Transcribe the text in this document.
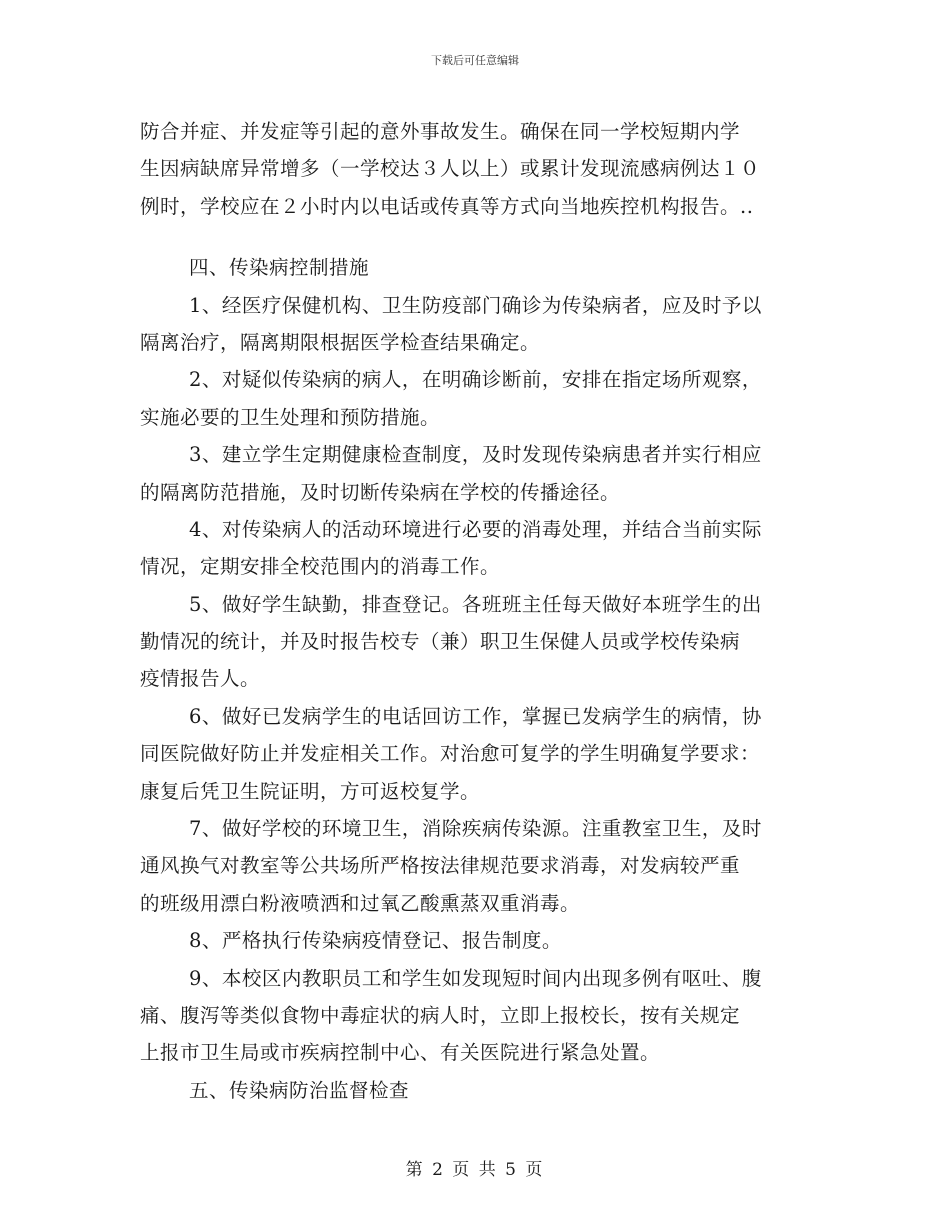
下载后可任意编辑
防合并症、并发症等引起的意外事故发生。确保在同一学校短期内学
生因病缺席异常增多（一学校达３人以上）或累计发现流感病例达１０
例时，学校应在２小时内以电话或传真等方式向当地疾控机构报告。..
四、传染病控制措施
1、经医疗保健机构、卫生防疫部门确诊为传染病者，应及时予以
隔离治疗，隔离期限根据医学检查结果确定。
2、对疑似传染病的病人，在明确诊断前，安排在指定场所观察，
实施必要的卫生处理和预防措施。
3、建立学生定期健康检查制度，及时发现传染病患者并实行相应
的隔离防范措施，及时切断传染病在学校的传播途径。
4、对传染病人的活动环境进行必要的消毒处理，并结合当前实际
情况，定期安排全校范围内的消毒工作。
5、做好学生缺勤，排查登记。各班班主任每天做好本班学生的出
勤情况的统计，并及时报告校专（兼）职卫生保健人员或学校传染病
疫情报告人。
6、做好已发病学生的电话回访工作，掌握已发病学生的病情，协
同医院做好防止并发症相关工作。对治愈可复学的学生明确复学要求：
康复后凭卫生院证明，方可返校复学。
7、做好学校的环境卫生，消除疾病传染源。注重教室卫生，及时
通风换气对教室等公共场所严格按法律规范要求消毒，对发病较严重
的班级用漂白粉液喷洒和过氧乙酸熏蒸双重消毒。
8、严格执行传染病疫情登记、报告制度。
9、本校区内教职员工和学生如发现短时间内出现多例有呕吐、腹
痛、腹泻等类似食物中毒症状的病人时，立即上报校长，按有关规定
上报市卫生局或市疾病控制中心、有关医院进行紧急处置。
五、传染病防治监督检查
第 2 页 共 5 页
